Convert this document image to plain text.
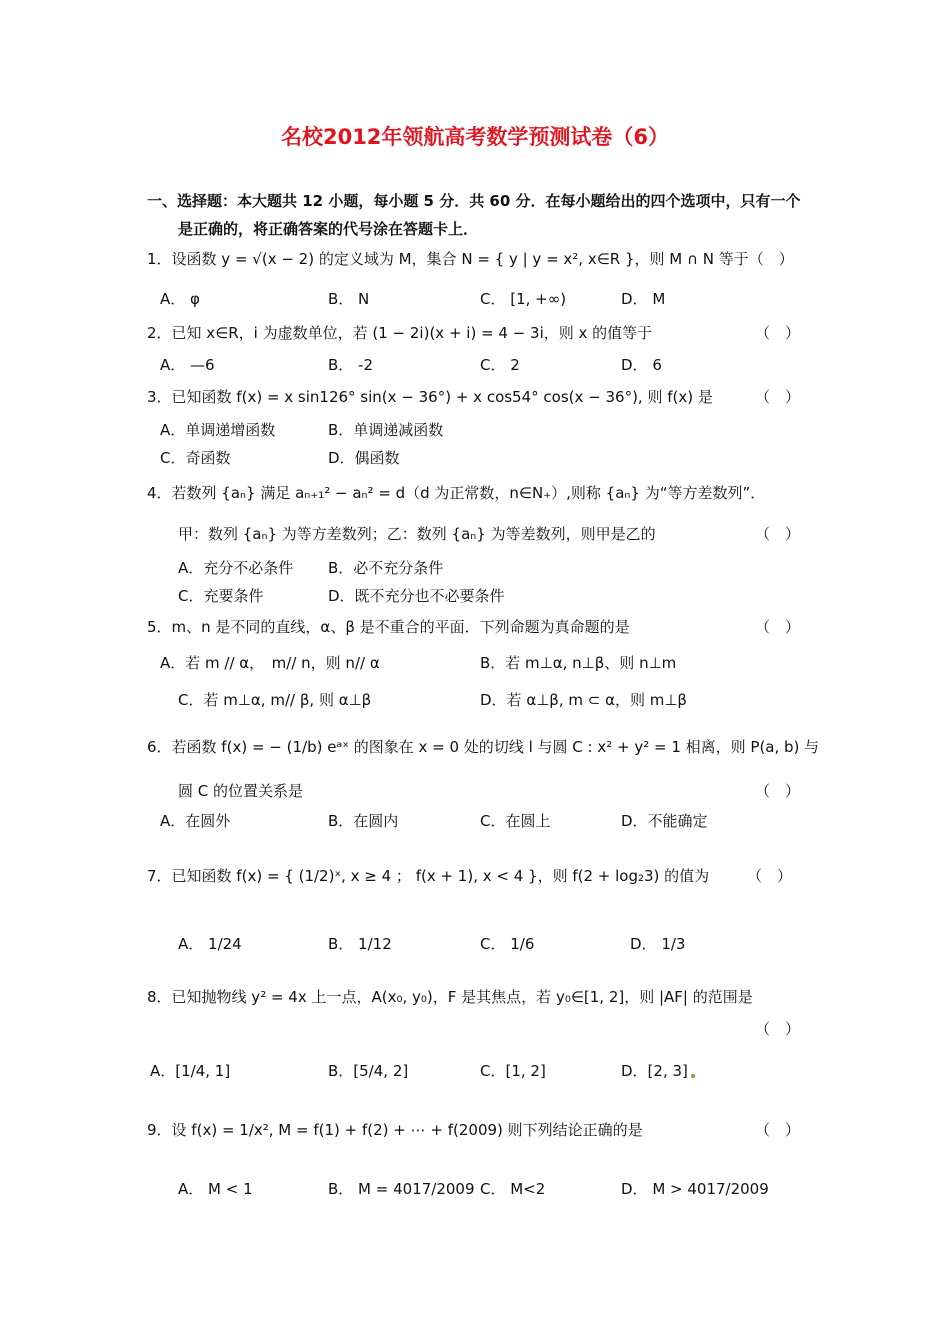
名校2012年领航高考数学预测试卷（6）
一、选择题：本大题共 12 小题，每小题 5 分．共 60 分．在每小题给出的四个选项中，只有一个
是正确的，将正确答案的代号涂在答题卡上．
1．设函数 y = √(x − 2) 的定义域为 M，集合 N = { y | y = x², x∈R }，则 M ∩ N 等于（　）
A． φ	B． N	C． [1, +∞)	D． M
2．已知 x∈R，i 为虚数单位，若 (1 − 2i)(x + i) = 4 − 3i，则 x 的值等于	（　）
A． —6	B． -2	C． 2	D． 6
3．已知函数 f(x) = x sin126° sin(x − 36°) + x cos54° cos(x − 36°), 则 f(x) 是	（　）
A．单调递增函数	B．单调递减函数
C．奇函数	D．偶函数
4．若数列 {aₙ} 满足 aₙ₊₁² − aₙ² = d（d 为正常数，n∈N₊）,则称 {aₙ} 为“等方差数列”．
甲：数列 {aₙ} 为等方差数列；乙：数列 {aₙ} 为等差数列，则甲是乙的	（　）
A．充分不必条件 B．必不充分条件
C．充要条件	D．既不充分也不必要条件
5．m、n 是不同的直线，α、β 是不重合的平面．下列命题为真命题的是	（　）
A．若 m // α，　m// n，则 n// α	B．若 m⊥α, n⊥β、则 n⊥m
C．若 m⊥α, m// β, 则 α⊥β	D．若 α⊥β, m ⊂ α，则 m⊥β
6．若函数 f(x) = − (1/b) eᵃˣ 的图象在 x = 0 处的切线 l 与圆 C : x² + y² = 1 相离，则 P(a, b) 与
圆 C 的位置关系是	（　）
A．在圆外	B．在圆内	C．在圆上	D．不能确定
7．已知函数 f(x) = { (1/2)ˣ, x ≥ 4 ； f(x + 1), x < 4 }，则 f(2 + log₂3) 的值为	（　）
A． 1/24	B． 1/12	C． 1/6	D． 1/3
8．已知抛物线 y² = 4x 上一点，A(x₀, y₀)，F 是其焦点，若 y₀∈[1, 2]，则 |AF| 的范围是
（　）
A．[1/4, 1]	B．[5/4, 2]	C．[1, 2]	D．[2, 3]
9．设 f(x) = 1/x², M = f(1) + f(2) + ⋯ + f(2009) 则下列结论正确的是	（　）
A． M < 1	B． M = 4017/2009 C． M<2	D． M > 4017/2009
